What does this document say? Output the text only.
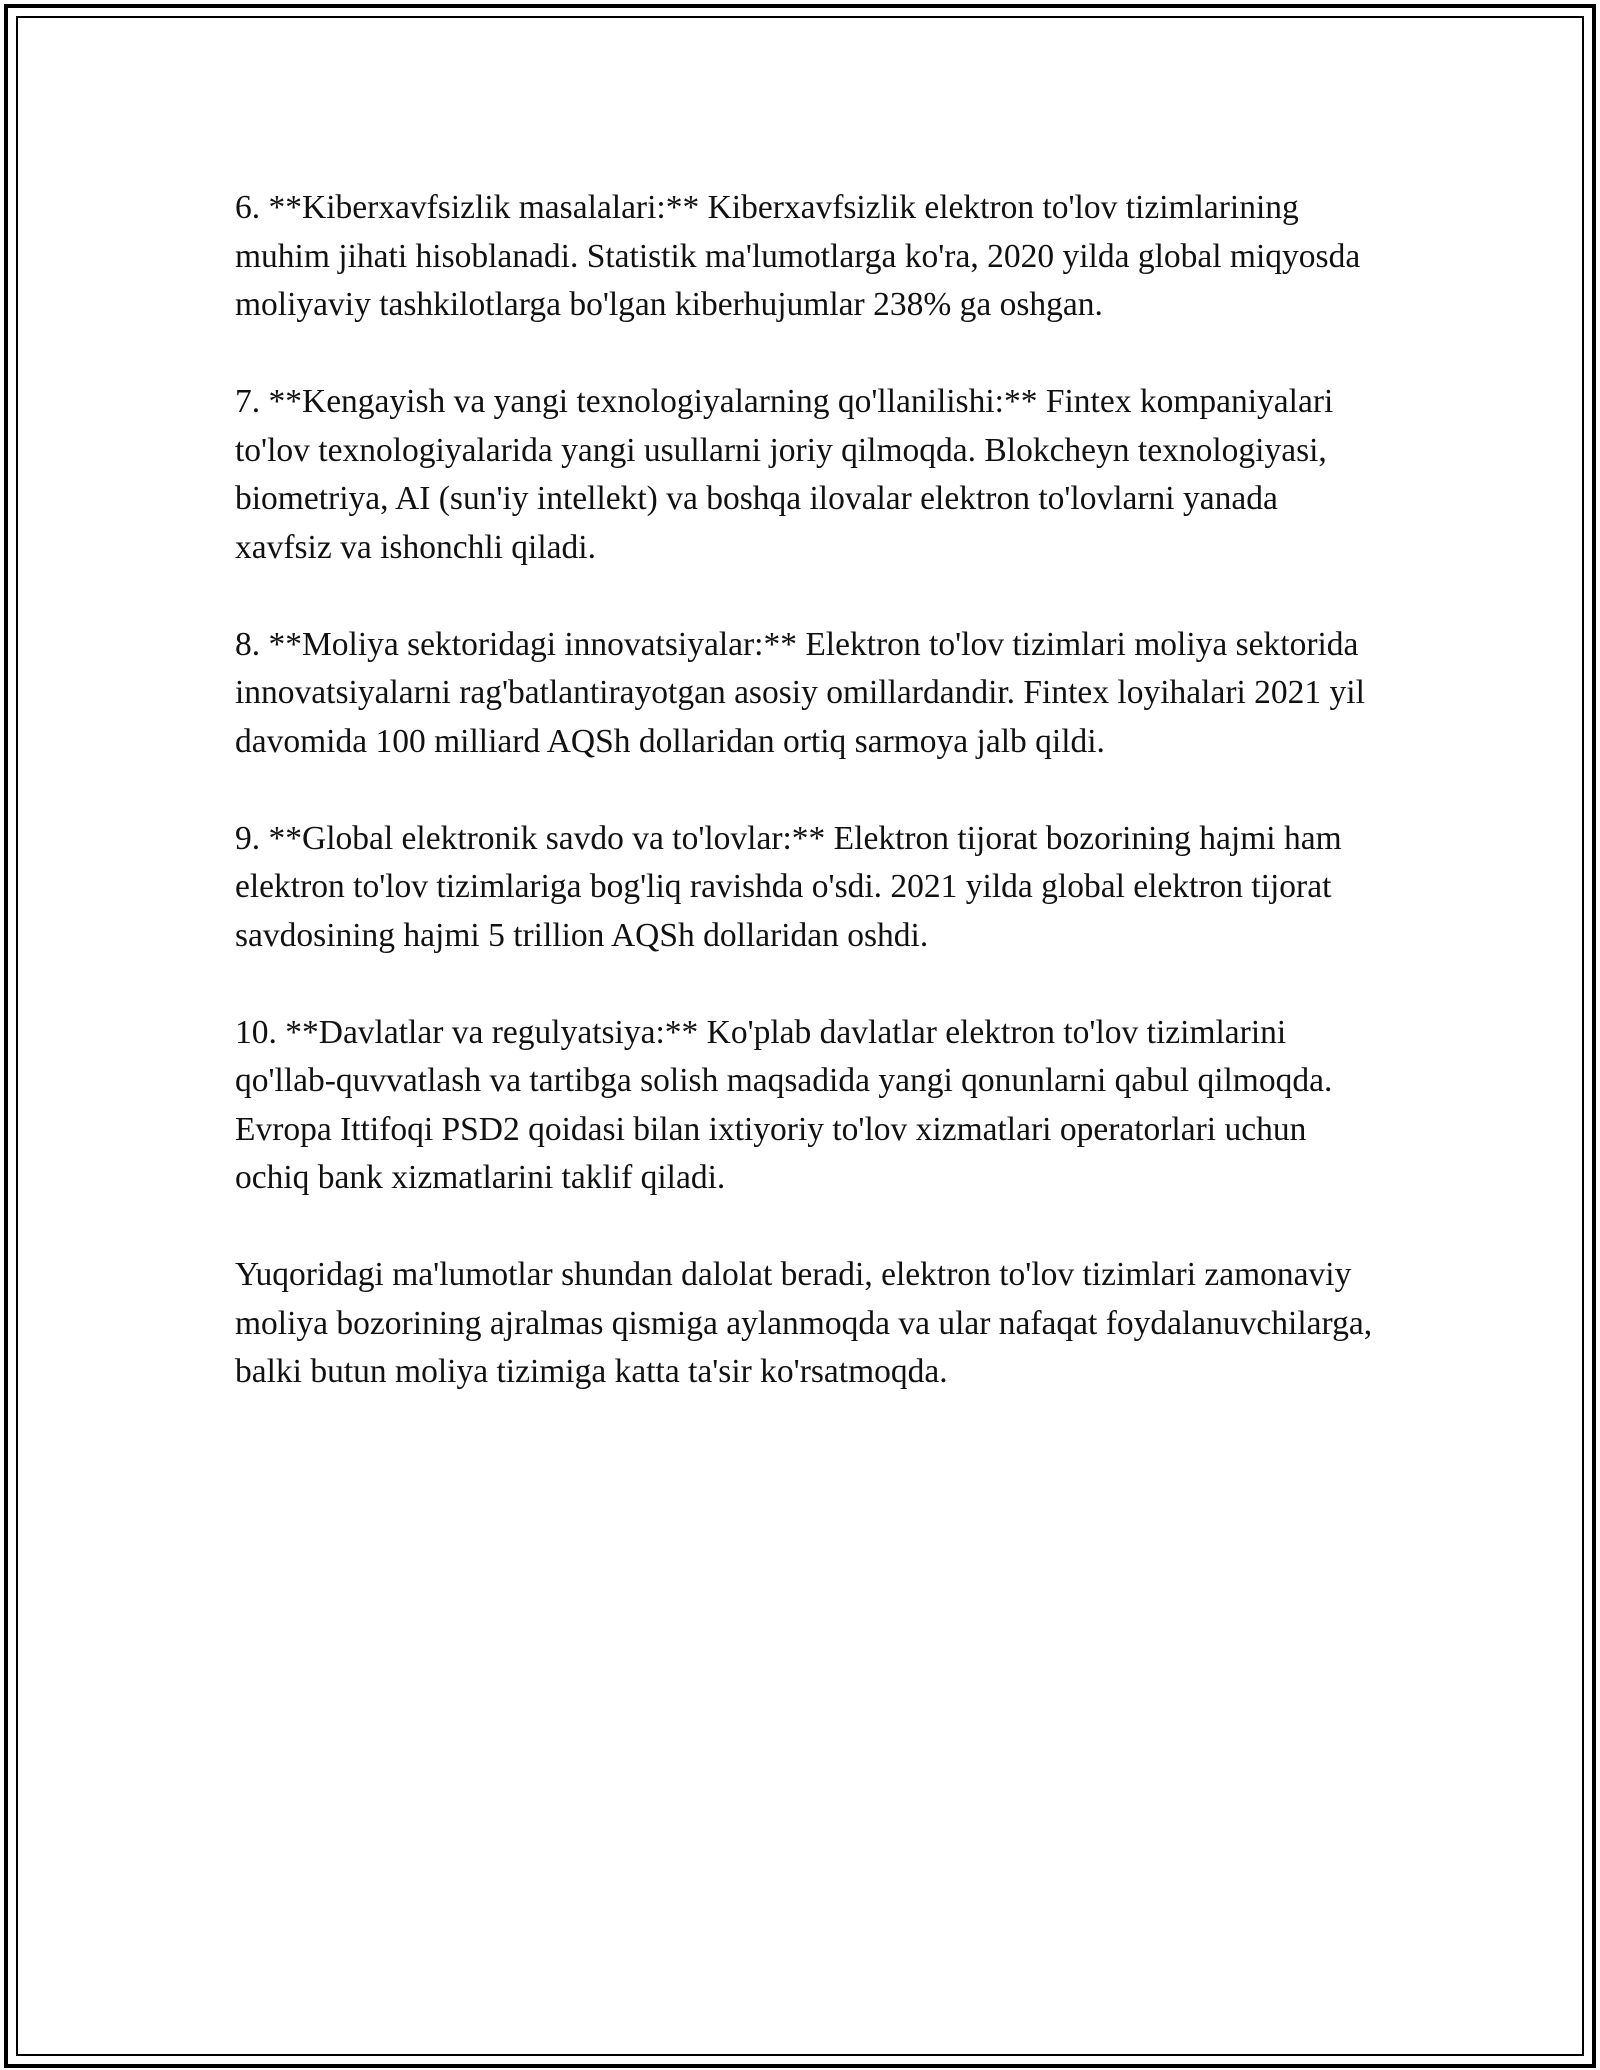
6. **Kiberxavfsizlik masalalari:** Kiberxavfsizlik elektron to'lov tizimlarining muhim jihati hisoblanadi. Statistik ma'lumotlarga ko'ra, 2020 yilda global miqyosda moliyaviy tashkilotlarga bo'lgan kiberhujumlar 238% ga oshgan.

7. **Kengayish va yangi texnologiyalarning qo'llanilishi:** Fintex kompaniyalari to'lov texnologiyalarida yangi usullarni joriy qilmoqda. Blokcheyn texnologiyasi, biometriya, AI (sun'iy intellekt) va boshqa ilovalar elektron to'lovlarni yanada xavfsiz va ishonchli qiladi.

8. **Moliya sektoridagi innovatsiyalar:** Elektron to'lov tizimlari moliya sektorida innovatsiyalarni rag'batlantirayotgan asosiy omillardandir. Fintex loyihalari 2021 yil davomida 100 milliard AQSh dollaridan ortiq sarmoya jalb qildi.

9. **Global elektronik savdo va to'lovlar:** Elektron tijorat bozorining hajmi ham elektron to'lov tizimlariga bog'liq ravishda o'sdi. 2021 yilda global elektron tijorat savdosining hajmi 5 trillion AQSh dollaridan oshdi.

10. **Davlatlar va regulyatsiya:** Ko'plab davlatlar elektron to'lov tizimlarini qo'llab-quvvatlash va tartibga solish maqsadida yangi qonunlarni qabul qilmoqda. Evropa Ittifoqi PSD2 qoidasi bilan ixtiyoriy to'lov xizmatlari operatorlari uchun ochiq bank xizmatlarini taklif qiladi.

Yuqoridagi ma'lumotlar shundan dalolat beradi, elektron to'lov tizimlari zamonaviy moliya bozorining ajralmas qismiga aylanmoqda va ular nafaqat foydalanuvchilarga, balki butun moliya tizimiga katta ta'sir ko'rsatmoqda.
